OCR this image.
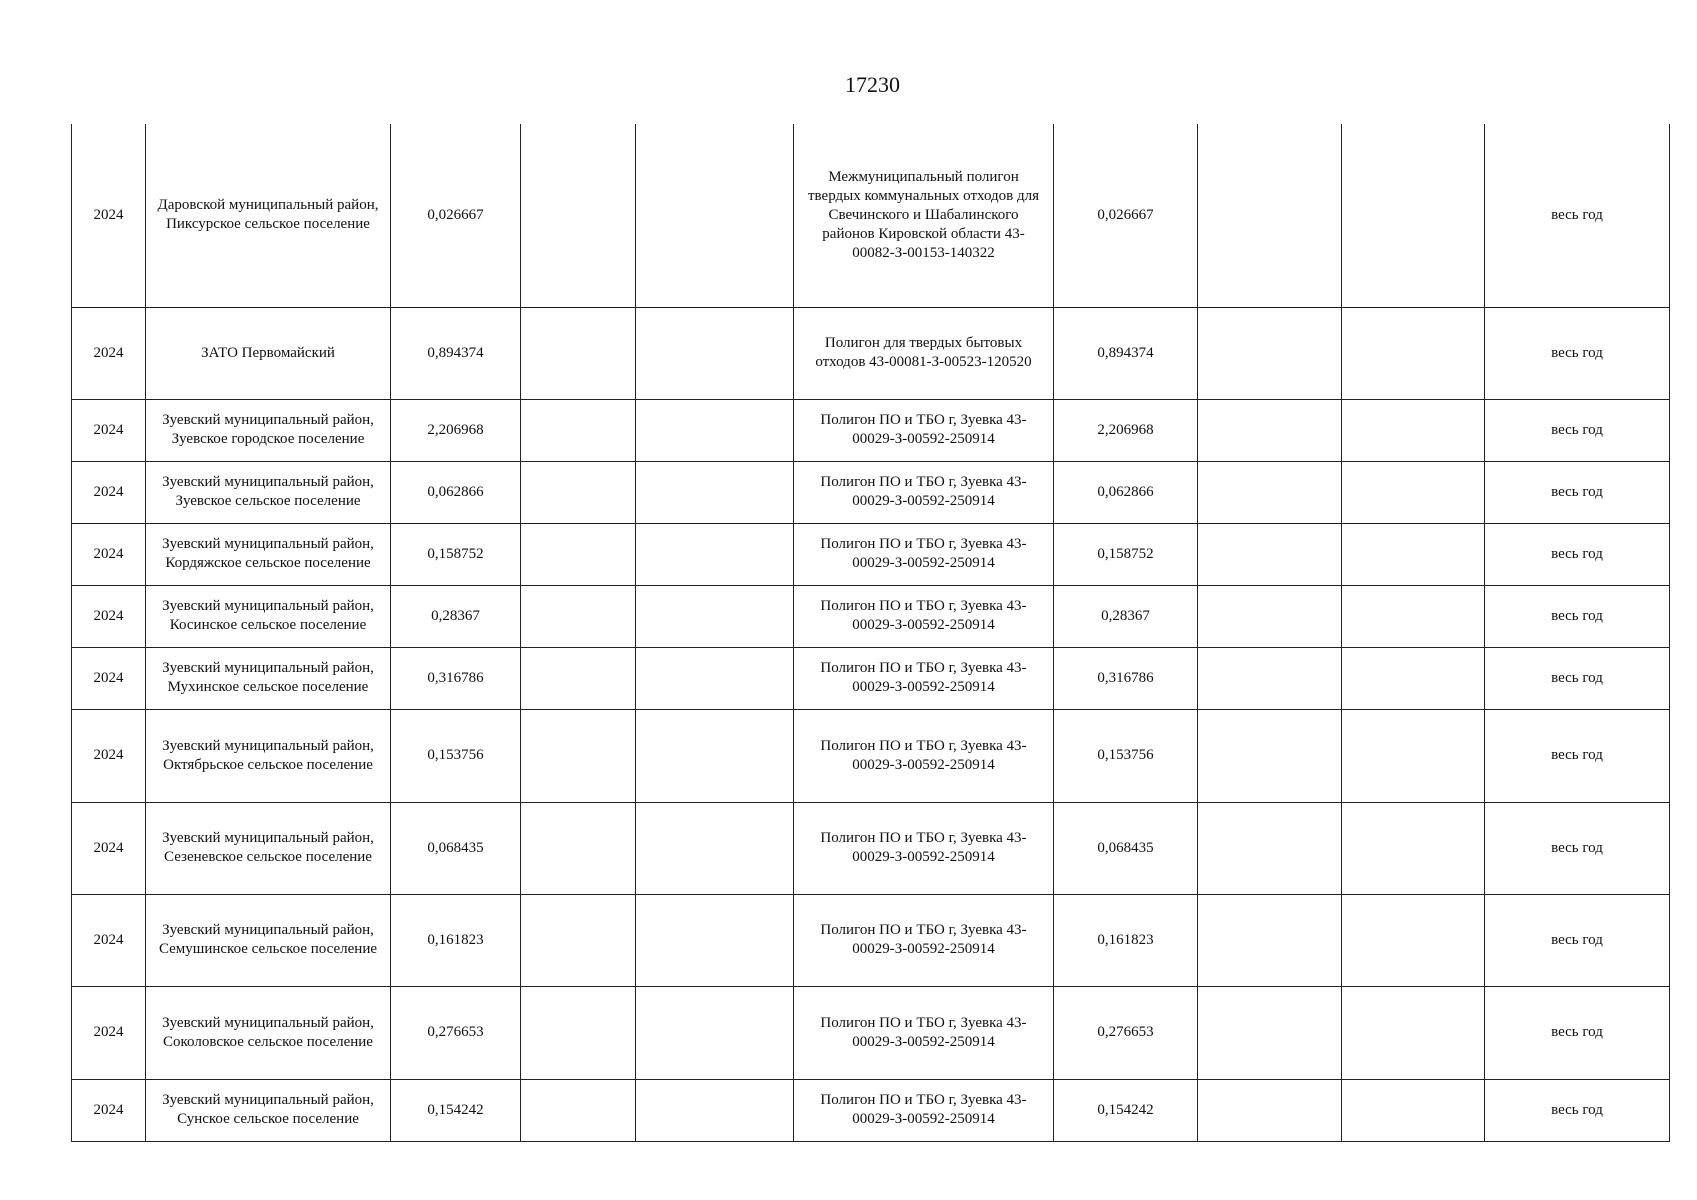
17230
2024	Даровской муниципальный район, Пиксурское сельское поселение	0,026667			Межмуниципальный полигон твердых коммунальных отходов для Свечинского и Шабалинского районов Кировской области 43-00082-З-00153-140322	0,026667			весь год
2024	ЗАТО Первомайский	0,894374			Полигон для твердых бытовых отходов 43-00081-З-00523-120520	0,894374			весь год
2024	Зуевский муниципальный район, Зуевское городское поселение	2,206968			Полигон ПО и ТБО г, Зуевка 43-00029-З-00592-250914	2,206968			весь год
2024	Зуевский муниципальный район, Зуевское сельское поселение	0,062866			Полигон ПО и ТБО г, Зуевка 43-00029-З-00592-250914	0,062866			весь год
2024	Зуевский муниципальный район, Кордяжское сельское поселение	0,158752			Полигон ПО и ТБО г, Зуевка 43-00029-З-00592-250914	0,158752			весь год
2024	Зуевский муниципальный район, Косинское сельское поселение	0,28367			Полигон ПО и ТБО г, Зуевка 43-00029-З-00592-250914	0,28367			весь год
2024	Зуевский муниципальный район, Мухинское сельское поселение	0,316786			Полигон ПО и ТБО г, Зуевка 43-00029-З-00592-250914	0,316786			весь год
2024	Зуевский муниципальный район, Октябрьское сельское поселение	0,153756			Полигон ПО и ТБО г, Зуевка 43-00029-З-00592-250914	0,153756			весь год
2024	Зуевский муниципальный район, Сезеневское сельское поселение	0,068435			Полигон ПО и ТБО г, Зуевка 43-00029-З-00592-250914	0,068435			весь год
2024	Зуевский муниципальный район, Семушинское сельское поселение	0,161823			Полигон ПО и ТБО г, Зуевка 43-00029-З-00592-250914	0,161823			весь год
2024	Зуевский муниципальный район, Соколовское сельское поселение	0,276653			Полигон ПО и ТБО г, Зуевка 43-00029-З-00592-250914	0,276653			весь год
2024	Зуевский муниципальный район, Сунское сельское поселение	0,154242			Полигон ПО и ТБО г, Зуевка 43-00029-З-00592-250914	0,154242			весь год
